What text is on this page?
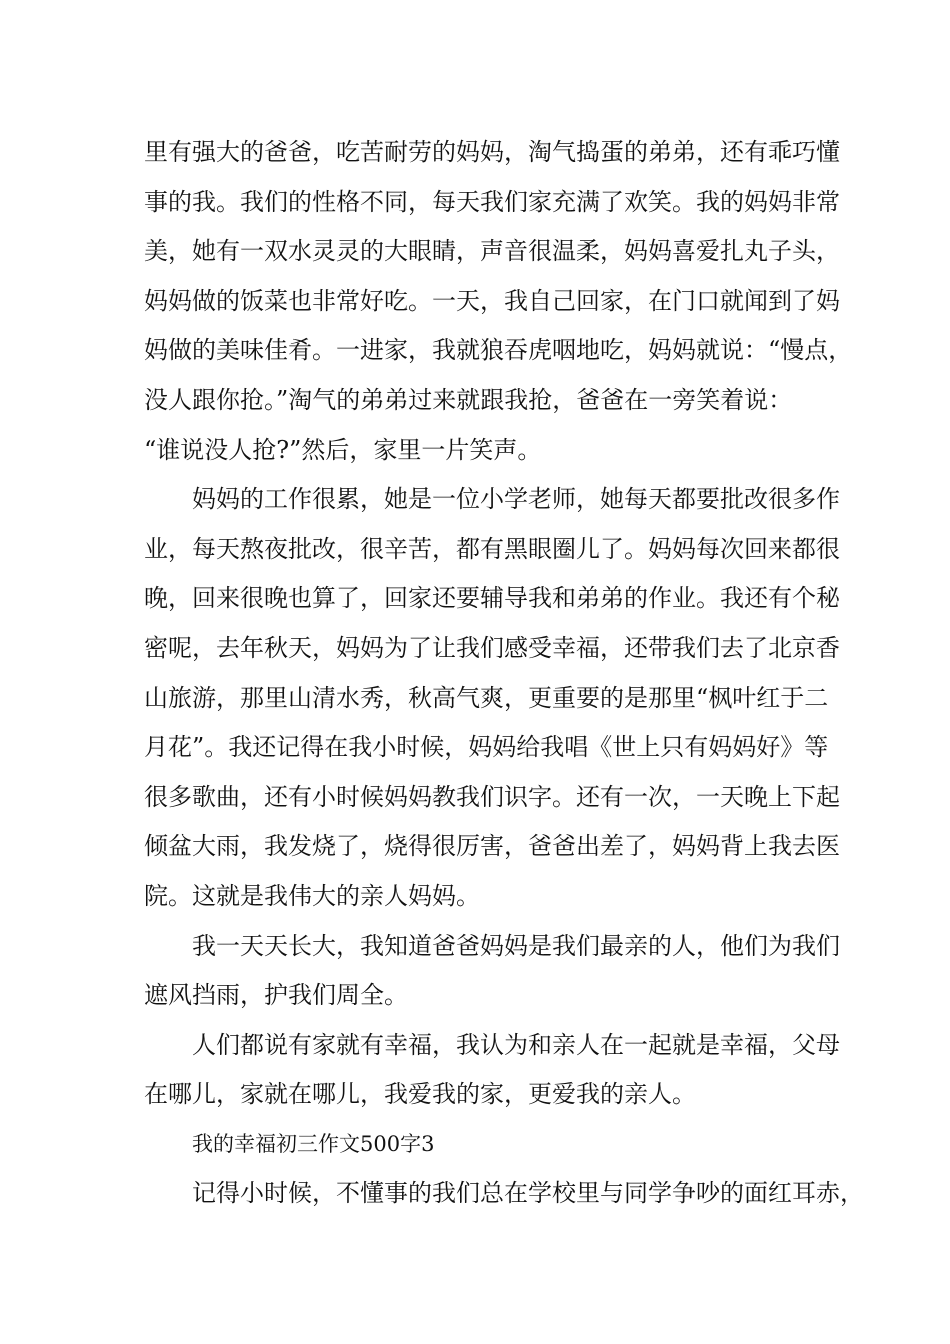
里有强大的爸爸，吃苦耐劳的妈妈，淘气捣蛋的弟弟，还有乖巧懂
事的我。我们的性格不同，每天我们家充满了欢笑。我的妈妈非常
美，她有一双水灵灵的大眼睛，声音很温柔，妈妈喜爱扎丸子头，
妈妈做的饭菜也非常好吃。一天，我自己回家，在门口就闻到了妈
妈做的美味佳肴。一进家，我就狼吞虎咽地吃，妈妈就说：“慢点，
没人跟你抢。”淘气的弟弟过来就跟我抢，爸爸在一旁笑着说：
“谁说没人抢?”然后，家里一片笑声。

妈妈的工作很累，她是一位小学老师，她每天都要批改很多作
业，每天熬夜批改，很辛苦，都有黑眼圈儿了。妈妈每次回来都很
晚，回来很晚也算了，回家还要辅导我和弟弟的作业。我还有个秘
密呢，去年秋天，妈妈为了让我们感受幸福，还带我们去了北京香
山旅游，那里山清水秀，秋高气爽，更重要的是那里“枫叶红于二
月花”。我还记得在我小时候，妈妈给我唱《世上只有妈妈好》等
很多歌曲，还有小时候妈妈教我们识字。还有一次，一天晚上下起
倾盆大雨，我发烧了，烧得很厉害，爸爸出差了，妈妈背上我去医
院。这就是我伟大的亲人妈妈。

我一天天长大，我知道爸爸妈妈是我们最亲的人，他们为我们
遮风挡雨，护我们周全。

人们都说有家就有幸福，我认为和亲人在一起就是幸福，父母
在哪儿，家就在哪儿，我爱我的家，更爱我的亲人。

我的幸福初三作文500字3

记得小时候，不懂事的我们总在学校里与同学争吵的面红耳赤，
